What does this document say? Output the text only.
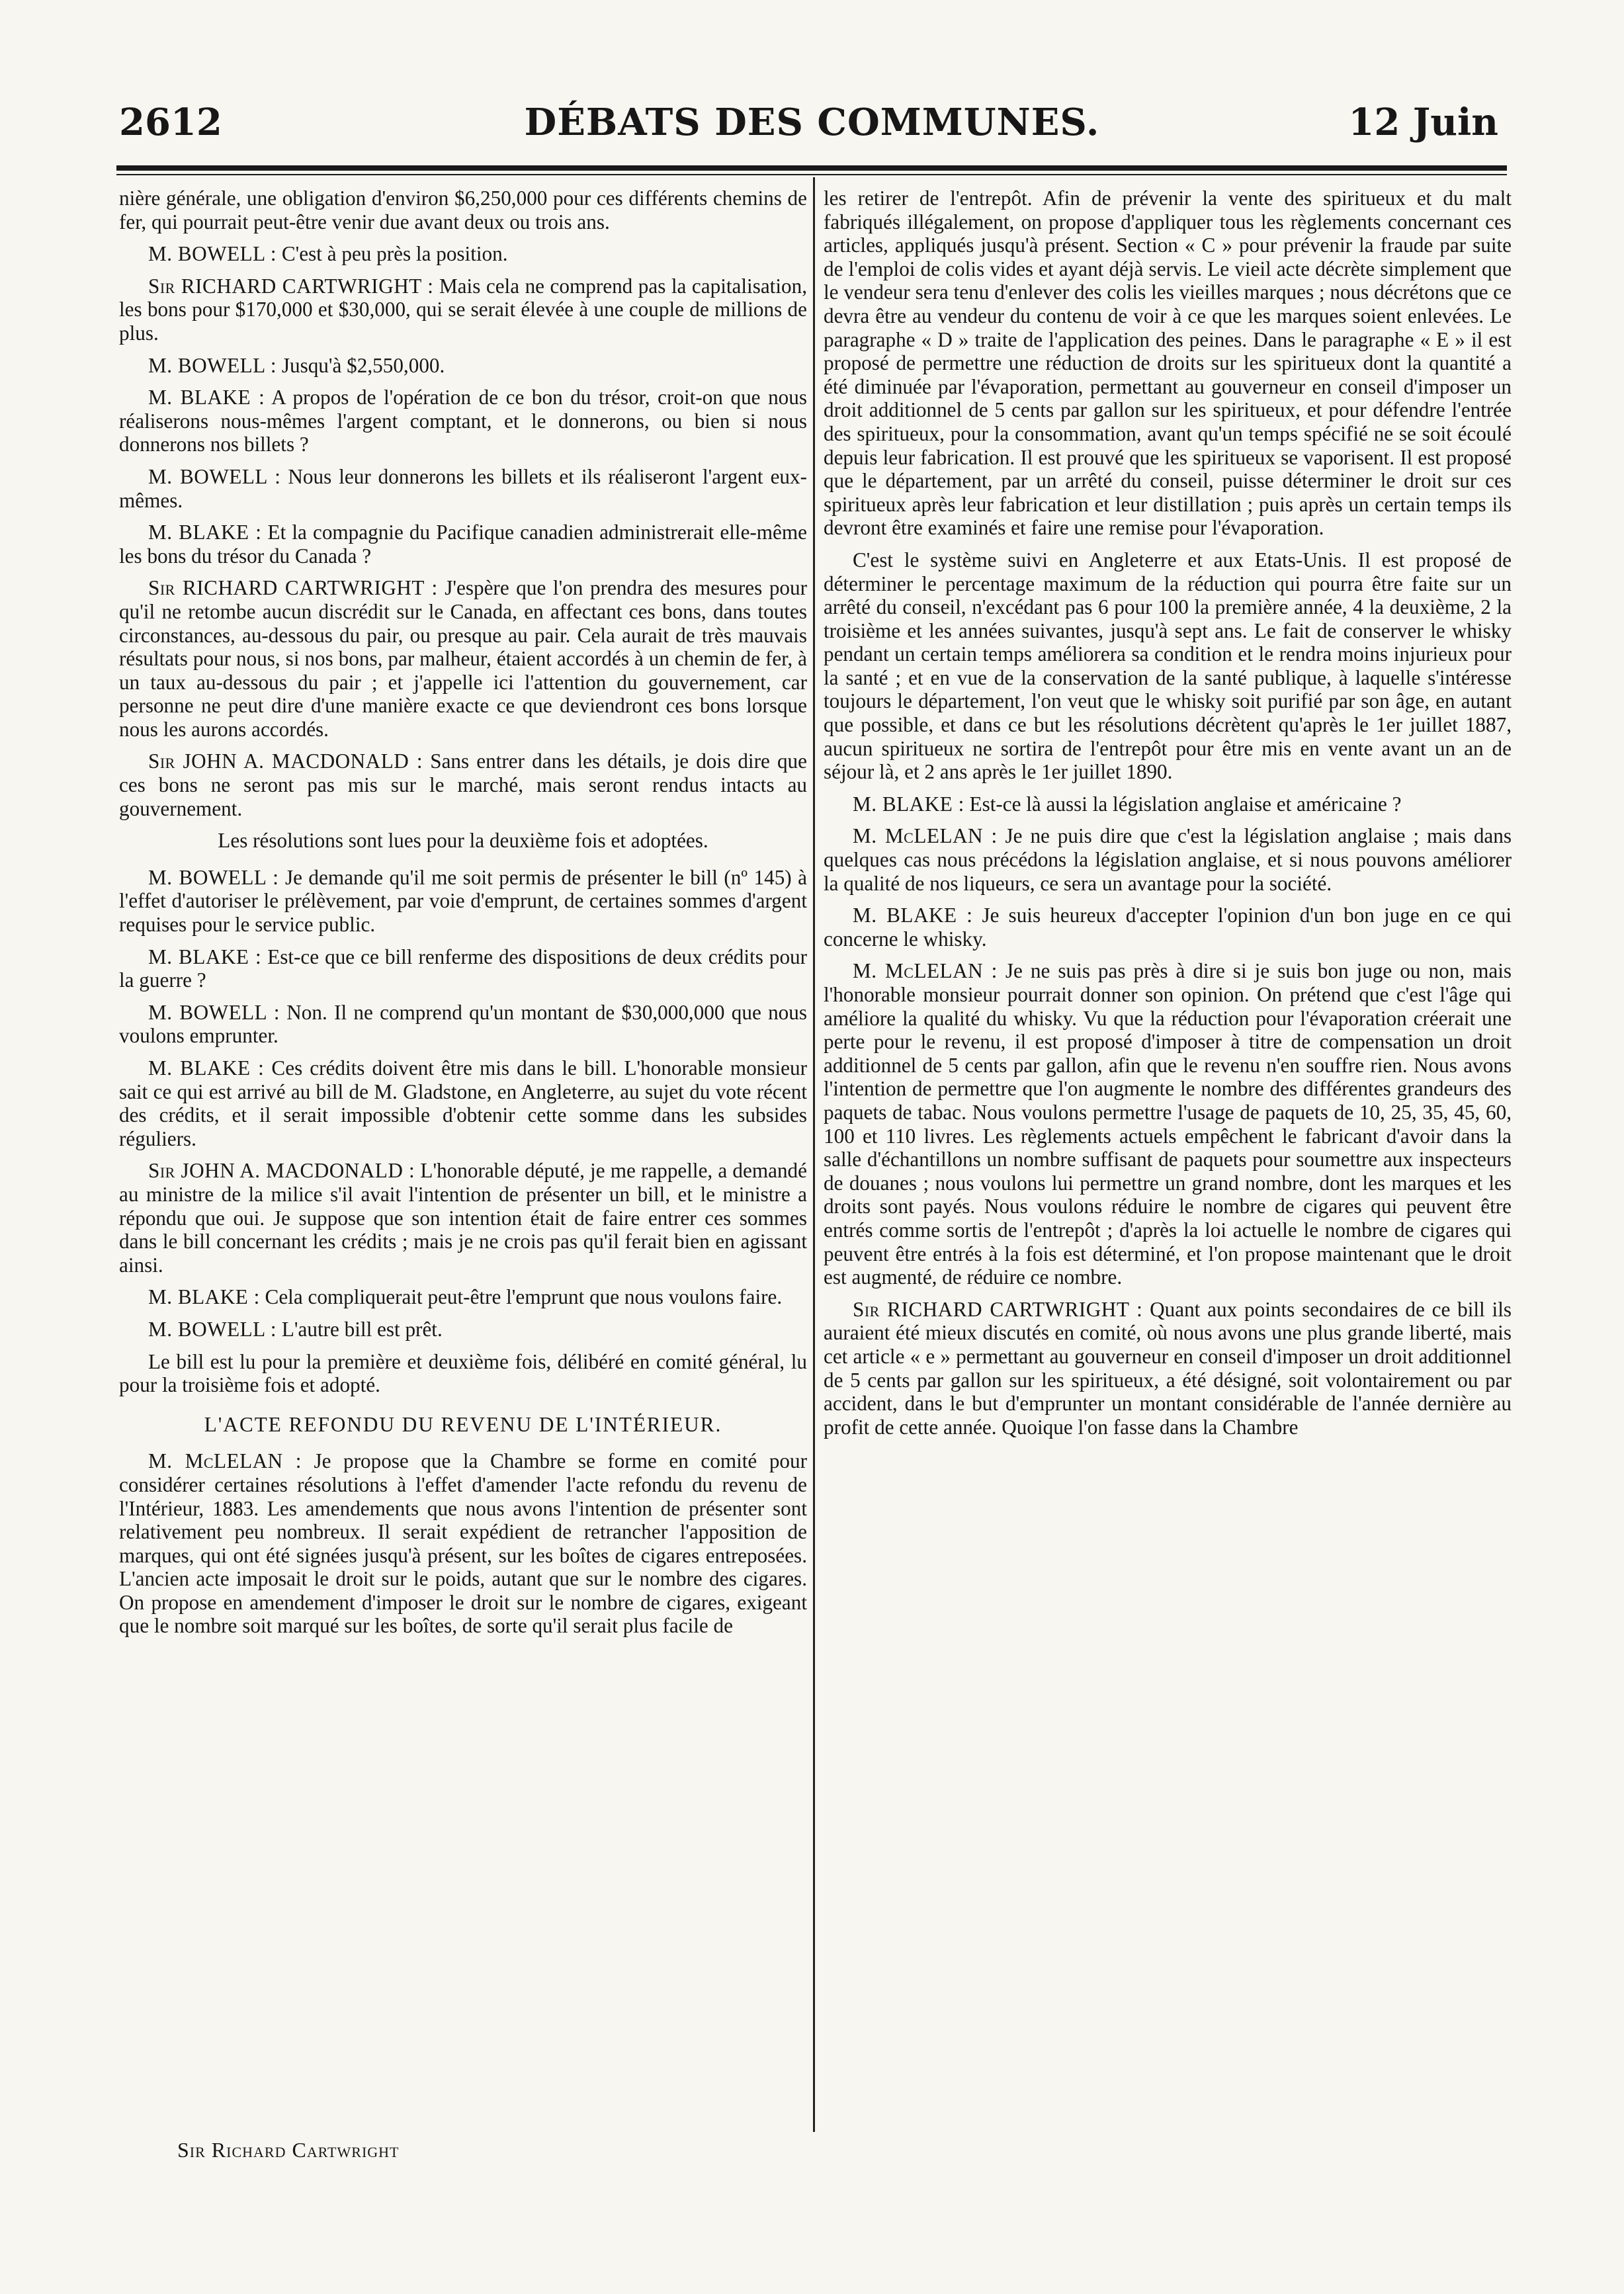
2612	DÉBATS DES COMMUNES.	12 Juin

nière générale, une obligation d'environ $6,250,000 pour ces différents chemins de fer, qui pourrait peut-être venir due avant deux ou trois ans.

M. BOWELL : C'est à peu près la position.

Sir RICHARD CARTWRIGHT : Mais cela ne comprend pas la capitalisation, les bons pour $170,000 et $30,000, qui se serait élevée à une couple de millions de plus.

M. BOWELL : Jusqu'à $2,550,000.

M. BLAKE : A propos de l'opération de ce bon du trésor, croit-on que nous réaliserons nous-mêmes l'argent comptant, et le donnerons, ou bien si nous donnerons nos billets ?

M. BOWELL : Nous leur donnerons les billets et ils réaliseront l'argent eux-mêmes.

M. BLAKE : Et la compagnie du Pacifique canadien administrerait elle-même les bons du trésor du Canada ?

Sir RICHARD CARTWRIGHT : J'espère que l'on prendra des mesures pour qu'il ne retombe aucun discrédit sur le Canada, en affectant ces bons, dans toutes circonstances, au-dessous du pair, ou presque au pair. Cela aurait de très mauvais résultats pour nous, si nos bons, par malheur, étaient accordés à un chemin de fer, à un taux au-dessous du pair ; et j'appelle ici l'attention du gouvernement, car personne ne peut dire d'une manière exacte ce que deviendront ces bons lorsque nous les aurons accordés.

Sir JOHN A. MACDONALD : Sans entrer dans les détails, je dois dire que ces bons ne seront pas mis sur le marché, mais seront rendus intacts au gouvernement.

Les résolutions sont lues pour la deuxième fois et adoptées.

M. BOWELL : Je demande qu'il me soit permis de présenter le bill (nº 145) à l'effet d'autoriser le prélèvement, par voie d'emprunt, de certaines sommes d'argent requises pour le service public.

M. BLAKE : Est-ce que ce bill renferme des dispositions de deux crédits pour la guerre ?

M. BOWELL : Non. Il ne comprend qu'un montant de $30,000,000 que nous voulons emprunter.

M. BLAKE : Ces crédits doivent être mis dans le bill. L'honorable monsieur sait ce qui est arrivé au bill de M. Gladstone, en Angleterre, au sujet du vote récent des crédits, et il serait impossible d'obtenir cette somme dans les subsides réguliers.

Sir JOHN A. MACDONALD : L'honorable député, je me rappelle, a demandé au ministre de la milice s'il avait l'intention de présenter un bill, et le ministre a répondu que oui. Je suppose que son intention était de faire entrer ces sommes dans le bill concernant les crédits ; mais je ne crois pas qu'il ferait bien en agissant ainsi.

M. BLAKE : Cela compliquerait peut-être l'emprunt que nous voulons faire.

M. BOWELL : L'autre bill est prêt.

Le bill est lu pour la première et deuxième fois, délibéré en comité général, lu pour la troisième fois et adopté.

L'ACTE REFONDU DU REVENU DE L'INTÉRIEUR.

M. McLELAN : Je propose que la Chambre se forme en comité pour considérer certaines résolutions à l'effet d'amender l'acte refondu du revenu de l'Intérieur, 1883. Les amendements que nous avons l'intention de présenter sont relativement peu nombreux. Il serait expédient de retrancher l'apposition de marques, qui ont été signées jusqu'à présent, sur les boîtes de cigares entreposées. L'ancien acte imposait le droit sur le poids, autant que sur le nombre des cigares. On propose en amendement d'imposer le droit sur le nombre de cigares, exigeant que le nombre soit marqué sur les boîtes, de sorte qu'il serait plus facile de

les retirer de l'entrepôt. Afin de prévenir la vente des spiritueux et du malt fabriqués illégalement, on propose d'appliquer tous les règlements concernant ces articles, appliqués jusqu'à présent. Section « C » pour prévenir la fraude par suite de l'emploi de colis vides et ayant déjà servis. Le vieil acte décrète simplement que le vendeur sera tenu d'enlever des colis les vieilles marques ; nous décrétons que ce devra être au vendeur du contenu de voir à ce que les marques soient enlevées. Le paragraphe « D » traite de l'application des peines. Dans le paragraphe « E » il est proposé de permettre une réduction de droits sur les spiritueux dont la quantité a été diminuée par l'évaporation, permettant au gouverneur en conseil d'imposer un droit additionnel de 5 cents par gallon sur les spiritueux, et pour défendre l'entrée des spiritueux, pour la consommation, avant qu'un temps spécifié ne se soit écoulé depuis leur fabrication. Il est prouvé que les spiritueux se vaporisent. Il est proposé que le département, par un arrêté du conseil, puisse déterminer le droit sur ces spiritueux après leur fabrication et leur distillation ; puis après un certain temps ils devront être examinés et faire une remise pour l'évaporation.

C'est le système suivi en Angleterre et aux Etats-Unis. Il est proposé de déterminer le percentage maximum de la réduction qui pourra être faite sur un arrêté du conseil, n'excédant pas 6 pour 100 la première année, 4 la deuxième, 2 la troisième et les années suivantes, jusqu'à sept ans. Le fait de conserver le whisky pendant un certain temps améliorera sa condition et le rendra moins injurieux pour la santé ; et en vue de la conservation de la santé publique, à laquelle s'intéresse toujours le département, l'on veut que le whisky soit purifié par son âge, en autant que possible, et dans ce but les résolutions décrètent qu'après le 1er juillet 1887, aucun spiritueux ne sortira de l'entrepôt pour être mis en vente avant un an de séjour là, et 2 ans après le 1er juillet 1890.

M. BLAKE : Est-ce là aussi la législation anglaise et américaine ?

M. McLELAN : Je ne puis dire que c'est la législation anglaise ; mais dans quelques cas nous précédons la législation anglaise, et si nous pouvons améliorer la qualité de nos liqueurs, ce sera un avantage pour la société.

M. BLAKE : Je suis heureux d'accepter l'opinion d'un bon juge en ce qui concerne le whisky.

M. McLELAN : Je ne suis pas près à dire si je suis bon juge ou non, mais l'honorable monsieur pourrait donner son opinion. On prétend que c'est l'âge qui améliore la qualité du whisky. Vu que la réduction pour l'évaporation créerait une perte pour le revenu, il est proposé d'imposer à titre de compensation un droit additionnel de 5 cents par gallon, afin que le revenu n'en souffre rien. Nous avons l'intention de permettre que l'on augmente le nombre des différentes grandeurs des paquets de tabac. Nous voulons permettre l'usage de paquets de 10, 25, 35, 45, 60, 100 et 110 livres. Les règlements actuels empêchent le fabricant d'avoir dans la salle d'échantillons un nombre suffisant de paquets pour soumettre aux inspecteurs de douanes ; nous voulons lui permettre un grand nombre, dont les marques et les droits sont payés. Nous voulons réduire le nombre de cigares qui peuvent être entrés comme sortis de l'entrepôt ; d'après la loi actuelle le nombre de cigares qui peuvent être entrés à la fois est déterminé, et l'on propose maintenant que le droit est augmenté, de réduire ce nombre.

Sir RICHARD CARTWRIGHT : Quant aux points secondaires de ce bill ils auraient été mieux discutés en comité, où nous avons une plus grande liberté, mais cet article « e » permettant au gouverneur en conseil d'imposer un droit additionnel de 5 cents par gallon sur les spiritueux, a été désigné, soit volontairement ou par accident, dans le but d'emprunter un montant considérable de l'année dernière au profit de cette année. Quoique l'on fasse dans la Chambre

Sir Richard Cartwright
